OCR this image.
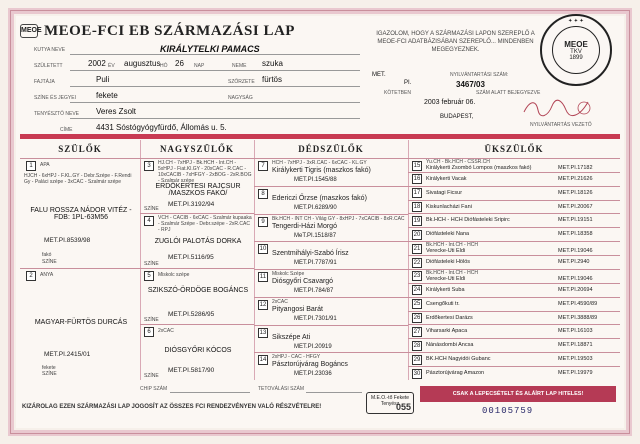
MEOE MEOE-FCI EB SZÁRMAZÁSI LAP
KUTYA NEVE	KIRÁLYTELKI PAMACS
SZÜLETETT	2002 ÉV augusztus HÓ 26 NAP	NEME szuka
FAJTÁJA	Puli	SZŐRZETE fürtös
SZÍNE ÉS JEGYEI	fekete	NAGYSÁG
TENYÉSZTŐ NEVE Veres Zsolt
CÍME	4431 Sóstógyógyfürdő, Állomás u. 5.
IGAZOLOM, HOGY A SZÁRMAZÁSI LAPON SZEREPLŐ A MEOE-FCI ADATBÁZISÁBAN SZEREPLŐ... MINDENBEN MEGEGYEZNEK.
NYILVÁNTARTÁSI SZÁM:
MET.
PI.	3467/03
KÖTETBEN	SZÁM ALATT BEJEGYEZVE
2003 február 06.
BUDAPEST,
NYILVÁNTARTÁS VEZETŐ
✦ ✦ ✦
MEOE
TKV
1899
SZÜLŐK	NAGYSZÜLŐK	DÉDSZÜLŐK	ÜKSZÜLŐK
1	APA
HJCH - 6xHPJ - F.KL.GY - Debr.Szépe - F.Rendi Gy - Paláci szépe - 3xCAC - Szalmár szépe
FALU ROSSZA NÁDOR VITÉZ - FDB: 1PL-63M56
MET.PI.8539/98
fakó
SZÍNE
2	ANYA
MAGYAR-FÜRTÖS DURCÁS
MET.PI.2415/01
fekete
SZÍNE
3	HJ.CH - 7xHPJ - Bk.HCH - Int.CH - 5xHPJ - Fiat.Kl.GY - 20xCAC - R.CAC - 10xCACIB - 7xHFGY - 2xBOG - 2xR.BOG - Szalmár szépe
ERDŐKERTESI RAJCSUR /MASZKOS FAKÓ/
MET.PI.3192/94
SZÍNE
4	VCH - CACIB - 6xCAC - Szalmár kupaaka - Szalmár Szépe - Debr.szépe - 2xR.CAC - RPJ
ZUGLÓI PALOTÁS DORKA
MET.PI.5116/95
SZÍNE
5	Miskolc szépe
SZIKSZÓ-ÖRDÖGE BOGÁNCS
MET.PI.5286/95
SZÍNE
6	2xCAC
DIÓSGYŐRI KÓCOS
MET.PI.5817/90
SZÍNE
7	HCH - 7xHPJ - 3xR.CAC - 6xCAC - KL.GY
Királykerti Tigris (maszkos fakó)
MET.PI.1545/88
8
Edericzi Őrzse (maszkos fakó)
MET.PI.6289/90
9	Bk.HCH - INT CH - Világ GY - 8xHPJ - 7xCACIB - 8xR.CAC
Tengerdi-Házi Morgó
MeT.PI.1518/87
10
Szentmihályi-Szabó Írisz
MET.PI.7787/91
11	Miskolc Szépe
Diósgyőri Csavargó
MET.PI.784/87
12	2xCAC
Pityangosi Barát
MET.PI.7301/91
13
Sikszépe Ati
MET.PI.20919
14	2xHPJ - CAC - HFGY
Pásztorújvárag Bogáncs
MET.PI.23036
15
Yu.CH - Bk.HCH - CSSR.CH
Királykerti Zsombó Lompos (maszkos fakó)	MET.PI.17182
16	Királykerti Vacak	MET.PI.21626
17	Sivatagi Ficsur	MET.PI.18126
18	Kiskunlacházi Fani	MET.PI.20067
19	Bk.HCH - HCH Diófásteleki Sripirc	MET.PI.19151
20	Diófásteleki Nana	MET.PI.18358
21
Bk.HCH - Int.CH - HCH
Verecke-Uti Eldi	MET.PI.19046
22	Diófásteleki Hölös	MET.PI.2940
23
Bk.HCH - Int.CH - HCH
Verecke-Uti Eldi	MET.PI.19046
24	Királykerti Suba	MET.PI.20694
25	Csengőkuti tr.	MET.PI.4590/89
26	Erdőkertesi Darázs	MET.PI.3888/89
27	Viharsarki Apaca	MET.PI.16103
28	Nánásdombi Ancsa	MET.PI.18871
29	BK.HCH Nagyidói Gubanc	MET.PI.19503
30	Pásztorújvárag Amazon	MET.PI.19979
CHIP SZÁM	TETOVÁLÁSI SZÁM
M.E.O.-tő Fekete Tenyész
055
CSAK A LEPECSÉTELT ÉS ALÁÍRT LAP HITELES!
KIZÁROLAG EZEN SZÁRMAZÁSI LAP JOGOSÍT AZ ÖSSZES FCI RENDEZVÉNYEN VALÓ RÉSZVÉTELRE!	00105759
